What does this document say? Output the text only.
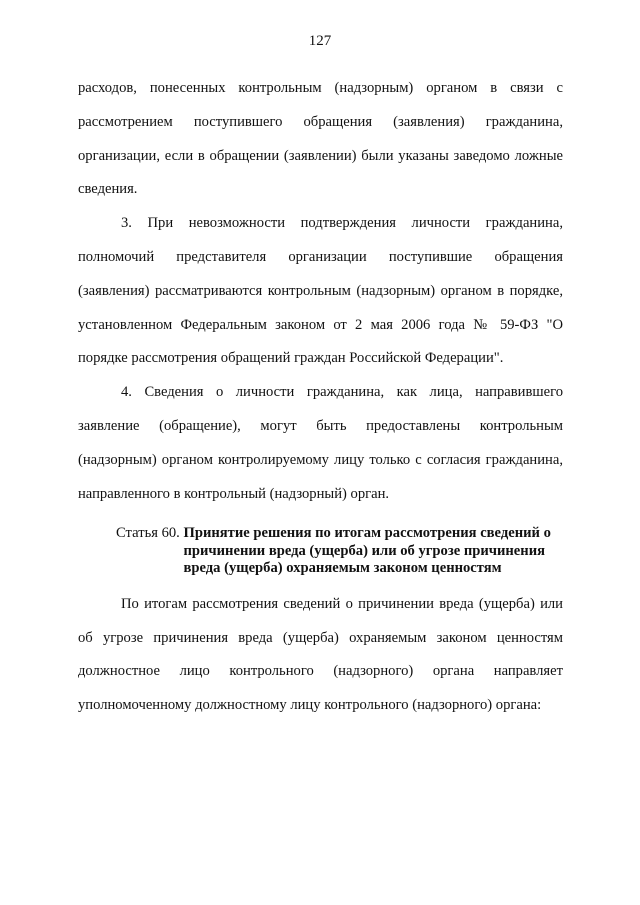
127

расходов, понесенных контрольным (надзорным) органом в связи с рассмотрением поступившего обращения (заявления) гражданина, организации, если в обращении (заявлении) были указаны заведомо ложные сведения.

3. При невозможности подтверждения личности гражданина, полномочий представителя организации поступившие обращения (заявления) рассматриваются контрольным (надзорным) органом в порядке, установленном Федеральным законом от 2 мая 2006 года № 59-ФЗ "О порядке рассмотрения обращений граждан Российской Федерации".

4. Сведения о личности гражданина, как лица, направившего заявление (обращение), могут быть предоставлены контрольным (надзорным) органом контролируемому лицу только с согласия гражданина, направленного в контрольный (надзорный) орган.

Статья 60. Принятие решения по итогам рассмотрения сведений о причинении вреда (ущерба) или об угрозе причинения вреда (ущерба) охраняемым законом ценностям

По итогам рассмотрения сведений о причинении вреда (ущерба) или об угрозе причинения вреда (ущерба) охраняемым законом ценностям должностное лицо контрольного (надзорного) органа направляет уполномоченному должностному лицу контрольного (надзорного) органа:
